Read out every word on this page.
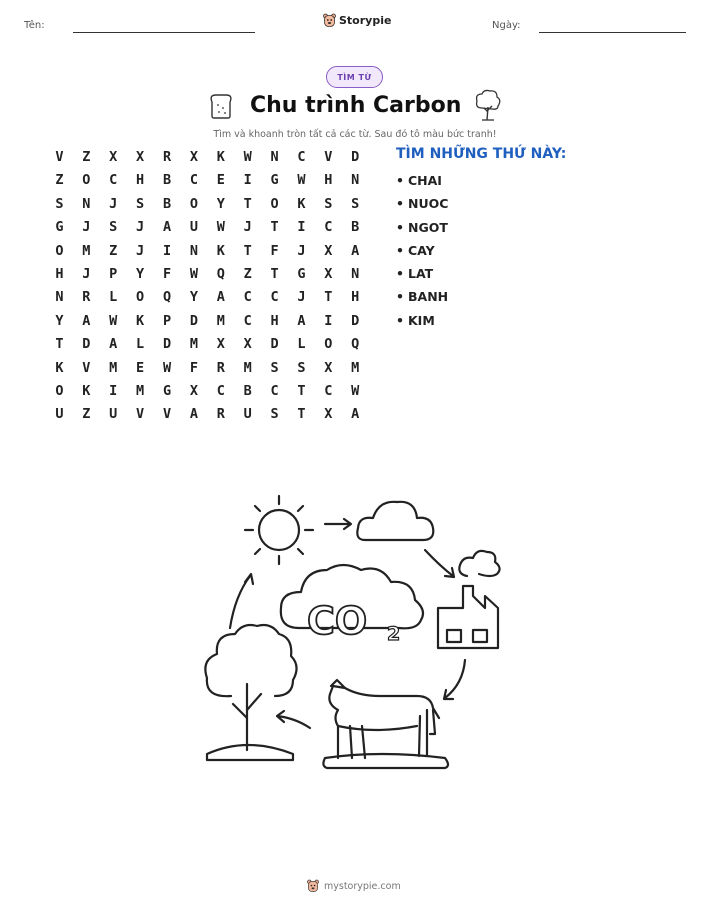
Tên:	Storypie	Ngày:
TÌM TỪ
Chu trình Carbon
Tìm và khoanh tròn tất cả các từ. Sau đó tô màu bức tranh!
V	Z	X	X	R	X	K	W	N	C	V	D
Z	O	C	H	B	C	E	I	G	W	H	N
S	N	J	S	B	O	Y	T	O	K	S	S
G	J	S	J	A	U	W	J	T	I	C	B
O	M	Z	J	I	N	K	T	F	J	X	A
H	J	P	Y	F	W	Q	Z	T	G	X	N
N	R	L	O	Q	Y	A	C	C	J	T	H
Y	A	W	K	P	D	M	C	H	A	I	D
T	D	A	L	D	M	X	X	D	L	O	Q
K	V	M	E	W	F	R	M	S	S	X	M
O	K	I	M	G	X	C	B	C	T	C	W
U	Z	U	V	V	A	R	U	S	T	X	A
TÌM NHỮNG THỨ NÀY:
• CHAI
• NUOC
• NGOT
• CAY
• LAT
• BANH
• KIM
CO 2
mystorypie.com
